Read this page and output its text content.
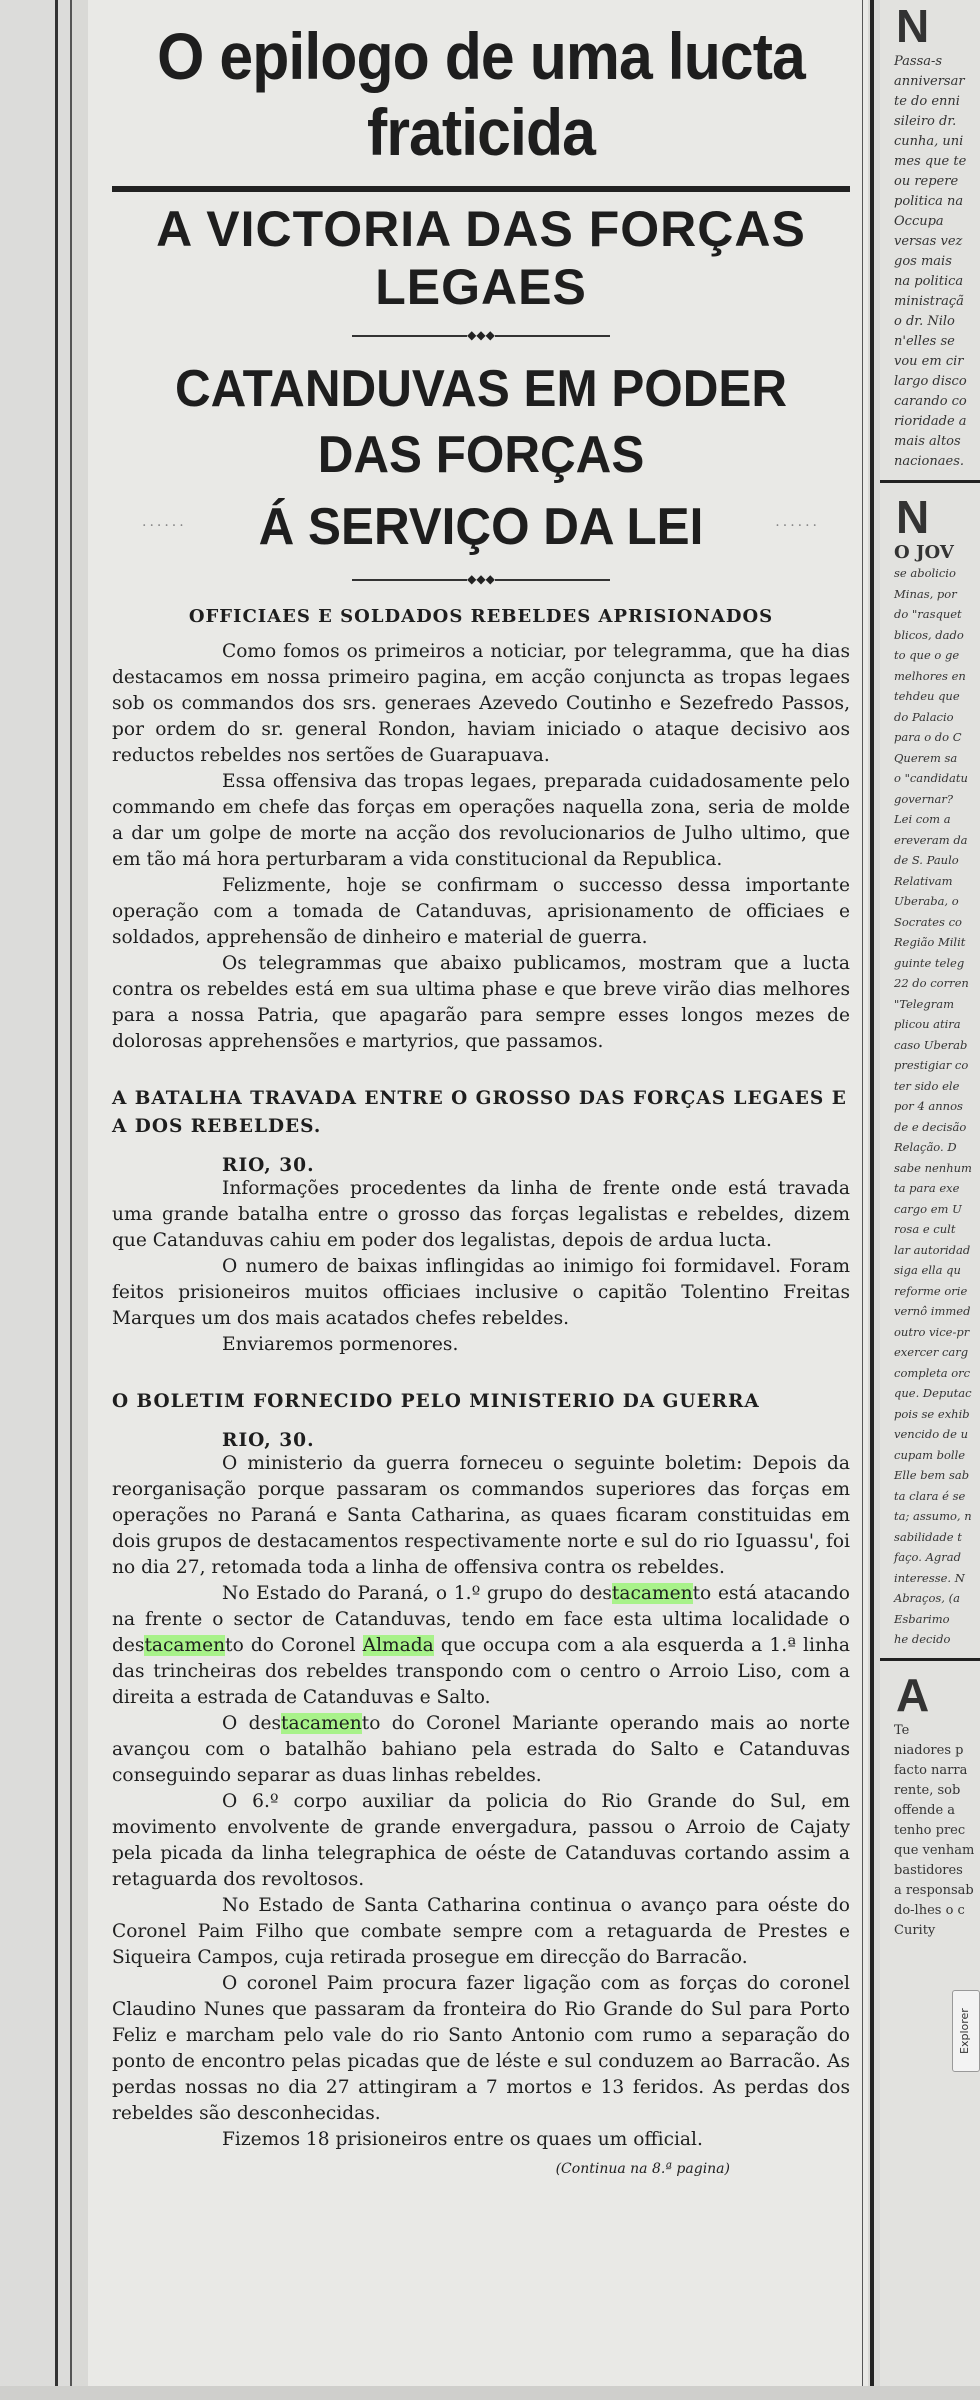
O epilogo de uma lucta fraticida
A VICTORIA DAS FORÇAS LEGAES
◆◆◆
CATANDUVAS EM PODER DAS FORÇAS
......	......
Á SERVIÇO DA LEI
◆◆◆
OFFICIAES E SOLDADOS REBELDES APRISIONADOS

Como fomos os primeiros a noticiar, por telegramma, que ha dias destacamos em nossa primeiro pagina, em acção conjuncta as tropas legaes sob os commandos dos srs. generaes Azevedo Coutinho e Sezefredo Passos, por ordem do sr. general Rondon, haviam iniciado o ataque decisivo aos reductos rebeldes nos sertões de Guarapuava.

Essa offensiva das tropas legaes, preparada cuidadosamente pelo commando em chefe das forças em operações naquella zona, seria de molde a dar um golpe de morte na acção dos revolucionarios de Julho ultimo, que em tão má hora perturbaram a vida constitucional da Republica.

Felizmente, hoje se confirmam o successo dessa importante operação com a tomada de Catanduvas, aprisionamento de officiaes e soldados, apprehensão de dinheiro e material de guerra.

Os telegrammas que abaixo publicamos, mostram que a lucta contra os rebeldes está em sua ultima phase e que breve virão dias melhores para a nossa Patria, que apagarão para sempre esses longos mezes de dolorosas apprehensões e martyrios, que passamos.

A BATALHA TRAVADA ENTRE O GROSSO DAS FORÇAS LEGAES E A DOS REBELDES.
RIO, 30.

Informações procedentes da linha de frente onde está travada uma grande batalha entre o grosso das forças legalistas e rebeldes, dizem que Catanduvas cahiu em poder dos legalistas, depois de ardua lucta.

O numero de baixas inflingidas ao inimigo foi formidavel. Foram feitos prisioneiros muitos officiaes inclusive o capitão Tolentino Freitas Marques um dos mais acatados chefes rebeldes.

Enviaremos pormenores.

O BOLETIM FORNECIDO PELO MINISTERIO DA GUERRA
RIO, 30.

O ministerio da guerra forneceu o seguinte boletim: Depois da reorganisação porque passaram os commandos superiores das forças em operações no Paraná e Santa Catharina, as quaes ficaram constituidas em dois grupos de destacamentos respectivamente norte e sul do rio Iguassu', foi no dia 27, retomada toda a linha de offensiva contra os rebeldes.

No Estado do Paraná, o 1.º grupo do destacamento está atacando na frente o sector de Catanduvas, tendo em face esta ultima localidade o destacamento do Coronel Almada que occupa com a ala esquerda a 1.ª linha das trincheiras dos rebeldes transpondo com o centro o Arroio Liso, com a direita a estrada de Catanduvas e Salto.

O destacamento do Coronel Mariante operando mais ao norte avançou com o batalhão bahiano pela estrada do Salto e Catanduvas conseguindo separar as duas linhas rebeldes.

O 6.º corpo auxiliar da policia do Rio Grande do Sul, em movimento envolvente de grande envergadura, passou o Arroio de Cajaty pela picada da linha telegraphica de oéste de Catanduvas cortando assim a retaguarda dos revoltosos.

No Estado de Santa Catharina continua o avanço para oéste do Coronel Paim Filho que combate sempre com a retaguarda de Prestes e Siqueira Campos, cuja retirada prosegue em direcção do Barracão.

O coronel Paim procura fazer ligação com as forças do coronel Claudino Nunes que passaram da fronteira do Rio Grande do Sul para Porto Feliz e marcham pelo vale do rio Santo Antonio com rumo a separação do ponto de encontro pelas picadas que de léste e sul conduzem ao Barracão. As perdas nossas no dia 27 attingiram a 7 mortos e 13 feridos. As perdas dos rebeldes são desconhecidas.

Fizemos 18 prisioneiros entre os quaes um official.

(Continua na 8.ª pagina)
N

Passa-s

anniversar

te do enni

sileiro dr.

cunha, uni

mes que te

ou repere

politica na

Occupa

versas vez

gos mais

na politica

ministraçã

o dr. Nilo

n'elles se

vou em cir

largo disco

carando co

rioridade a

mais altos

nacionaes.

N
O JOV

se abolicio

Minas, por

do "rasquet

blicos, dado

to que o ge

melhores en

tehdeu que

do Palacio

para o do C

Querem sa

o "candidatu

governar?

Lei com a

ereveram da

de S. Paulo

Relativam

Uberaba, o

Socrates co

Região Milit

guinte teleg

22 do corren

"Telegram

plicou atira

caso Uberab

prestigiar co

ter sido ele

por 4 annos

de e decisão

Relação. D

sabe nenhum

ta para exe

cargo em U

rosa e cult

lar autoridad

siga ella qu

reforme orie

vernô immed

outro vice-pr

exercer carg

completa orc

que. Deputac

pois se exhib

vencido de u

cupam bolle

Elle bem sab

ta clara é se

ta; assumo, n

sabilidade t

faço. Agrad

interesse. N

Abraços, (a

Esbarimo

he decido

A

Te

niadores p

facto narra

rente, sob

offende a

tenho prec

que venham

bastidores

a responsab

do-lhes o c

Curity

Explorer
